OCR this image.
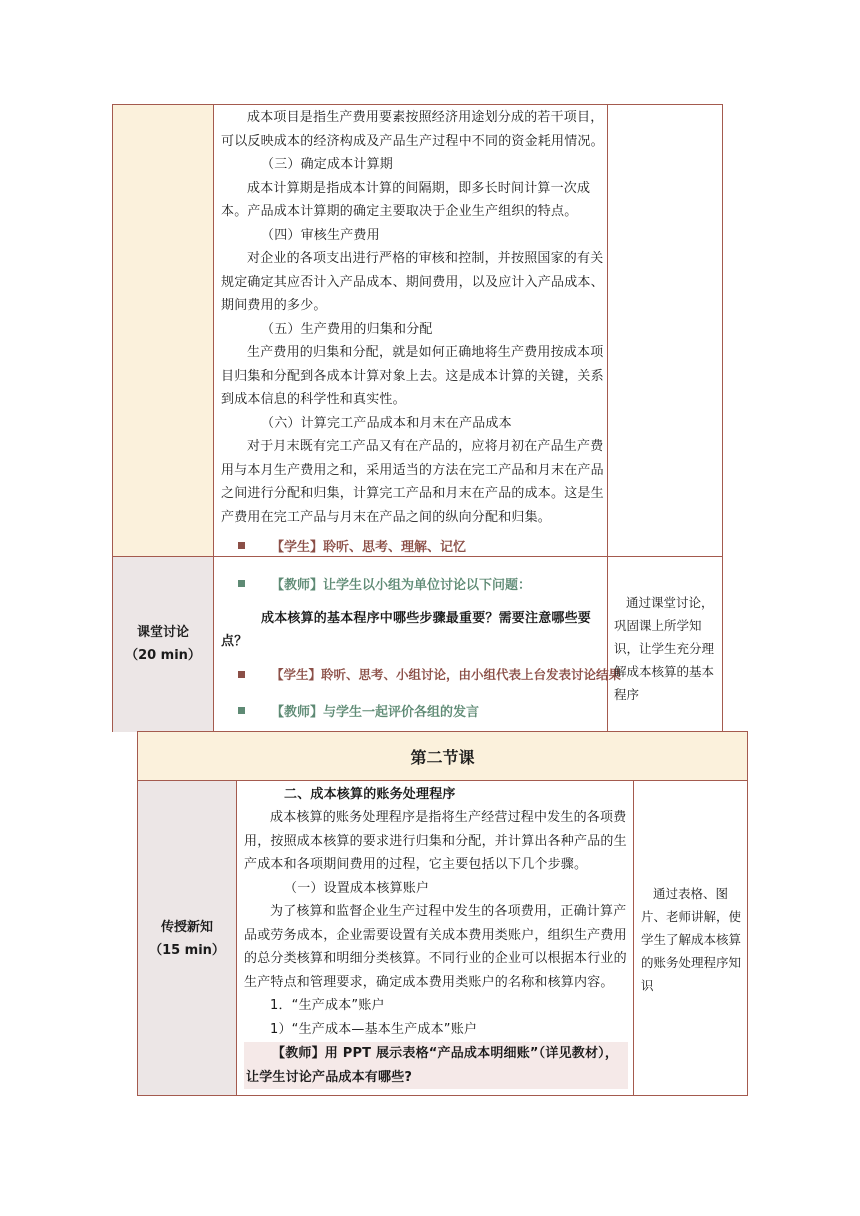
成本项目是指生产费用要素按照经济用途划分成的若干项目，可以反映成本的经济构成及产品生产过程中不同的资金耗用情况。
（三）确定成本计算期
成本计算期是指成本计算的间隔期，即多长时间计算一次成本。产品成本计算期的确定主要取决于企业生产组织的特点。
（四）审核生产费用
对企业的各项支出进行严格的审核和控制，并按照国家的有关规定确定其应否计入产品成本、期间费用，以及应计入产品成本、期间费用的多少。
（五）生产费用的归集和分配
生产费用的归集和分配，就是如何正确地将生产费用按成本项目归集和分配到各成本计算对象上去。这是成本计算的关键，关系到成本信息的科学性和真实性。
（六）计算完工产品成本和月末在产品成本
对于月末既有完工产品又有在产品的，应将月初在产品生产费用与本月生产费用之和，采用适当的方法在完工产品和月末在产品之间进行分配和归集，计算完工产品和月末在产品的成本。这是生产费用在完工产品与月末在产品之间的纵向分配和归集。
【学生】聆听、思考、理解、记忆
课堂讨论
（20 min）
【教师】让学生以小组为单位讨论以下问题：
成本核算的基本程序中哪些步骤最重要？需要注意哪些要点？
【学生】聆听、思考、小组讨论，由小组代表上台发表讨论结果
【教师】与学生一起评价各组的发言
通过课堂讨论，巩固课上所学知识，让学生充分理解成本核算的基本程序
第二节课
传授新知
（15 min）
二、成本核算的账务处理程序
成本核算的账务处理程序是指将生产经营过程中发生的各项费用，按照成本核算的要求进行归集和分配，并计算出各种产品的生产成本和各项期间费用的过程，它主要包括以下几个步骤。
（一）设置成本核算账户
为了核算和监督企业生产过程中发生的各项费用，正确计算产品或劳务成本，企业需要设置有关成本费用类账户，组织生产费用的总分类核算和明细分类核算。不同行业的企业可以根据本行业的生产特点和管理要求，确定成本费用类账户的名称和核算内容。
1．“生产成本”账户
1）“生产成本—基本生产成本”账户
【教师】用 PPT 展示表格“产品成本明细账”（详见教材），让学生讨论产品成本有哪些?
通过表格、图片、老师讲解，使学生了解成本核算的账务处理程序知识
